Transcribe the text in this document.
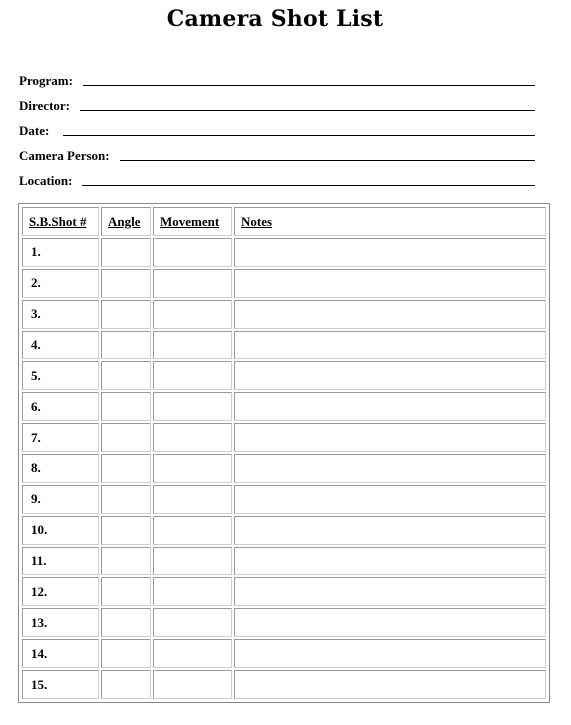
Camera Shot List
Program:
Director:
Date:
Camera Person:
Location:
S.B.Shot #	Angle	Movement	Notes
1.			
2.			
3.			
4.			
5.			
6.			
7.			
8.			
9.			
10.			
11.			
12.			
13.			
14.			
15.			
